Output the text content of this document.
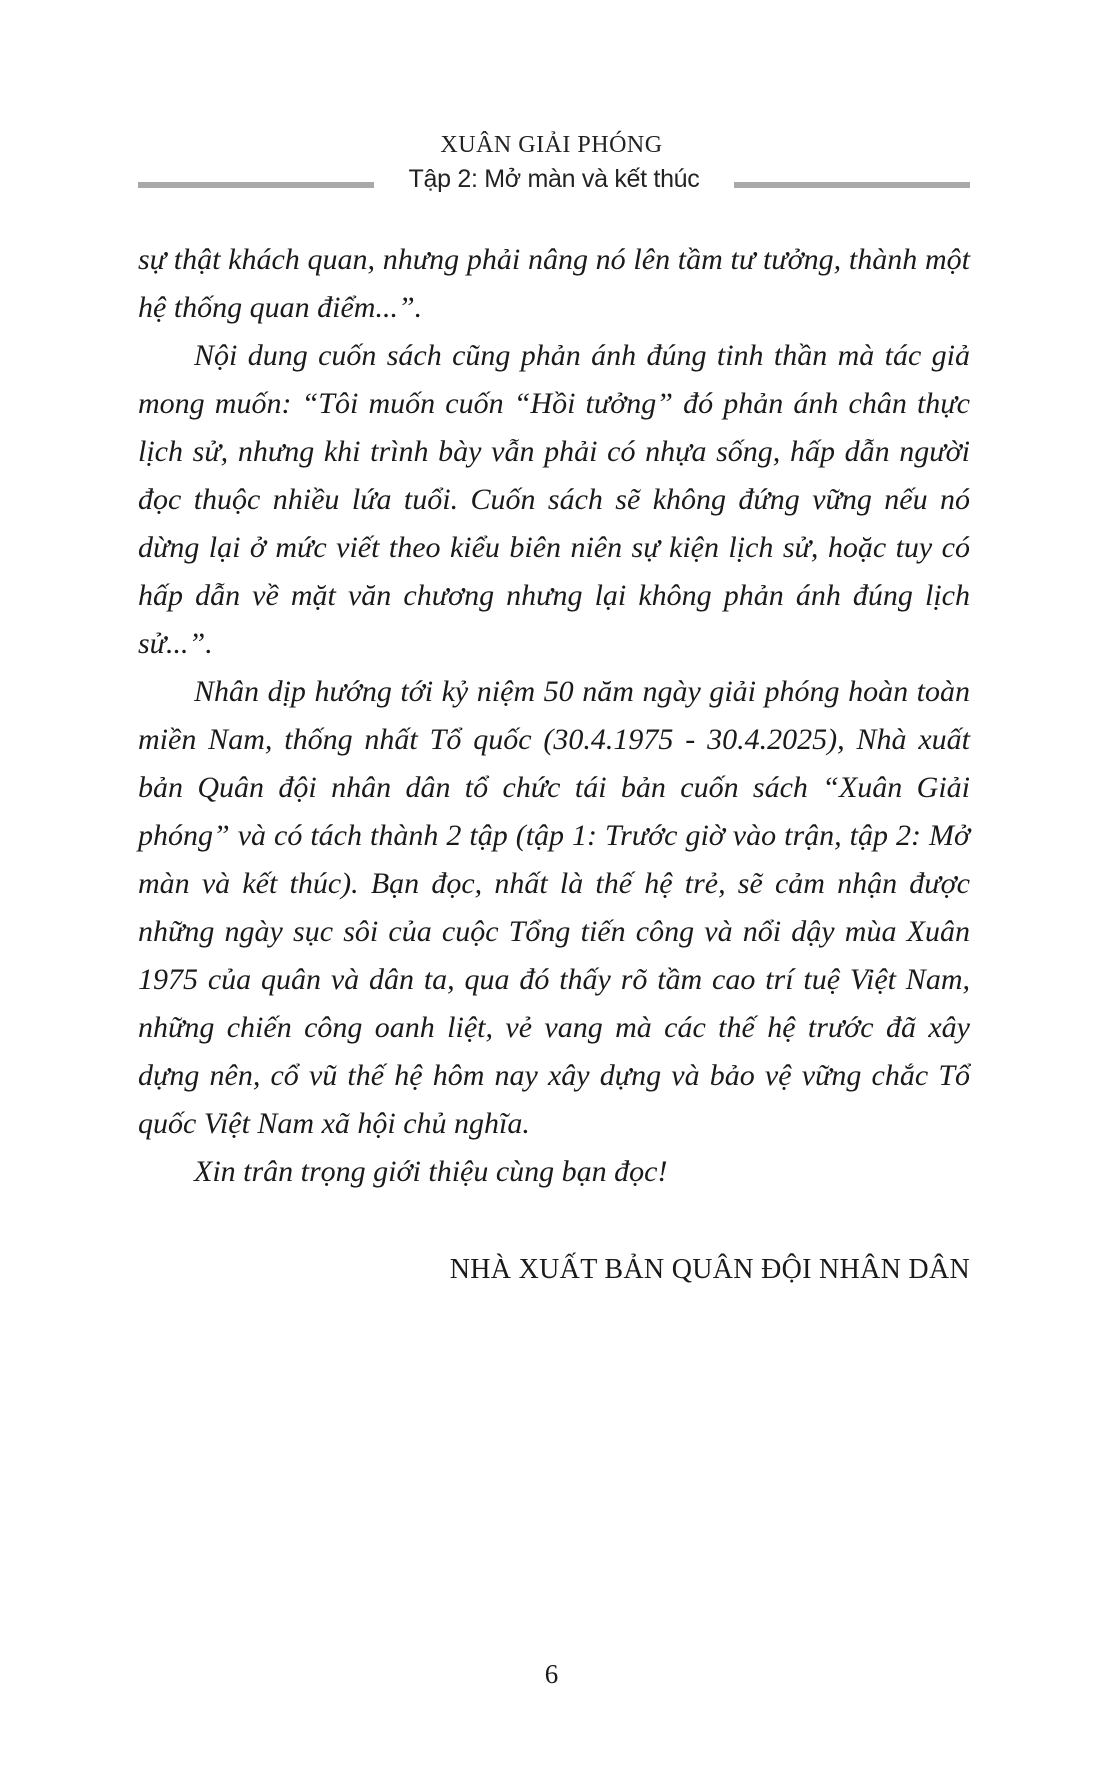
XUÂN GIẢI PHÓNG
Tập 2: Mở màn và kết thúc

sự thật khách quan, nhưng phải nâng nó lên tầm tư tưởng, thành một hệ thống quan điểm...”.

Nội dung cuốn sách cũng phản ánh đúng tinh thần mà tác giả mong muốn: “Tôi muốn cuốn “Hồi tưởng” đó phản ánh chân thực lịch sử, nhưng khi trình bày vẫn phải có nhựa sống, hấp dẫn người đọc thuộc nhiều lứa tuổi. Cuốn sách sẽ không đứng vững nếu nó dừng lại ở mức viết theo kiểu biên niên sự kiện lịch sử, hoặc tuy có hấp dẫn về mặt văn chương nhưng lại không phản ánh đúng lịch sử...”.

Nhân dịp hướng tới kỷ niệm 50 năm ngày giải phóng hoàn toàn miền Nam, thống nhất Tổ quốc (30.4.1975 - 30.4.2025), Nhà xuất bản Quân đội nhân dân tổ chức tái bản cuốn sách “Xuân Giải phóng” và có tách thành 2 tập (tập 1: Trước giờ vào trận, tập 2: Mở màn và kết thúc). Bạn đọc, nhất là thế hệ trẻ, sẽ cảm nhận được những ngày sục sôi của cuộc Tổng tiến công và nổi dậy mùa Xuân 1975 của quân và dân ta, qua đó thấy rõ tầm cao trí tuệ Việt Nam, những chiến công oanh liệt, vẻ vang mà các thế hệ trước đã xây dựng nên, cổ vũ thế hệ hôm nay xây dựng và bảo vệ vững chắc Tổ quốc Việt Nam xã hội chủ nghĩa.

Xin trân trọng giới thiệu cùng bạn đọc!

NHÀ XUẤT BẢN QUÂN ĐỘI NHÂN DÂN
6
